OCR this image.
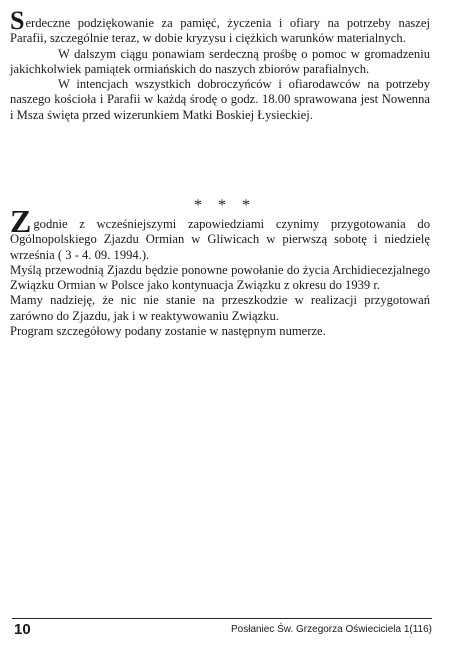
Serdeczne podziękowanie za pamięć, życzenia i ofiary na potrzeby naszej Parafii, szczególnie teraz, w dobie kryzysu i ciężkich warunków materialnych.

W dalszym ciągu ponawiam serdeczną prośbę o pomoc w gromadzeniu jakichkolwiek pamiątek ormiańskich do naszych zbiorów parafialnych.

W intencjach wszystkich dobroczyńców i ofiarodawców na potrzeby naszego kościoła i Parafii w każdą środę o godz. 18.00 sprawowana jest Nowenna i Msza święta przed wizerunkiem Matki Boskiej Łysieckiej.

* * *

Zgodnie z wcześniejszymi zapowiedziami czynimy przygotowania do Ogólnopolskiego Zjazdu Ormian w Gliwicach w pierwszą sobotę i niedzielę września ( 3 - 4. 09. 1994.).

Myślą przewodnią Zjazdu będzie ponowne powołanie do życia Archidiecezjalnego Związku Ormian w Polsce jako kontynuacja Związku z okresu do 1939 r.

Mamy nadzieję, że nic nie stanie na przeszkodzie w realizacji przygotowań zarówno do Zjazdu, jak i w reaktywowaniu Związku.

Program szczegółowy podany zostanie w następnym numerze.

10	Posłaniec Św. Grzegorza Oświeciciela 1(116)
